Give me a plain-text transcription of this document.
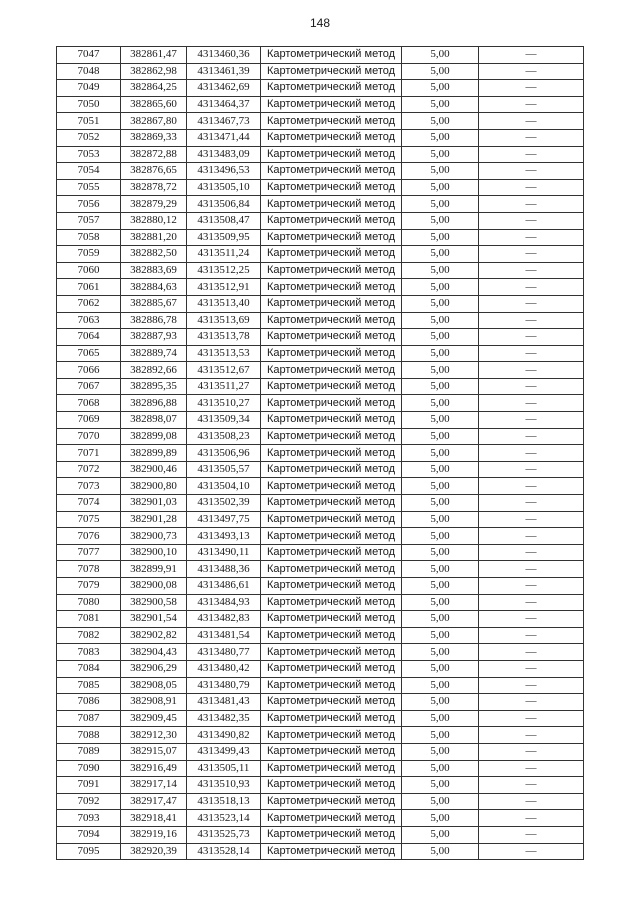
148
7047	382861,47	4313460,36	Картометрический метод	5,00	—
7048	382862,98	4313461,39	Картометрический метод	5,00	—
7049	382864,25	4313462,69	Картометрический метод	5,00	—
7050	382865,60	4313464,37	Картометрический метод	5,00	—
7051	382867,80	4313467,73	Картометрический метод	5,00	—
7052	382869,33	4313471,44	Картометрический метод	5,00	—
7053	382872,88	4313483,09	Картометрический метод	5,00	—
7054	382876,65	4313496,53	Картометрический метод	5,00	—
7055	382878,72	4313505,10	Картометрический метод	5,00	—
7056	382879,29	4313506,84	Картометрический метод	5,00	—
7057	382880,12	4313508,47	Картометрический метод	5,00	—
7058	382881,20	4313509,95	Картометрический метод	5,00	—
7059	382882,50	4313511,24	Картометрический метод	5,00	—
7060	382883,69	4313512,25	Картометрический метод	5,00	—
7061	382884,63	4313512,91	Картометрический метод	5,00	—
7062	382885,67	4313513,40	Картометрический метод	5,00	—
7063	382886,78	4313513,69	Картометрический метод	5,00	—
7064	382887,93	4313513,78	Картометрический метод	5,00	—
7065	382889,74	4313513,53	Картометрический метод	5,00	—
7066	382892,66	4313512,67	Картометрический метод	5,00	—
7067	382895,35	4313511,27	Картометрический метод	5,00	—
7068	382896,88	4313510,27	Картометрический метод	5,00	—
7069	382898,07	4313509,34	Картометрический метод	5,00	—
7070	382899,08	4313508,23	Картометрический метод	5,00	—
7071	382899,89	4313506,96	Картометрический метод	5,00	—
7072	382900,46	4313505,57	Картометрический метод	5,00	—
7073	382900,80	4313504,10	Картометрический метод	5,00	—
7074	382901,03	4313502,39	Картометрический метод	5,00	—
7075	382901,28	4313497,75	Картометрический метод	5,00	—
7076	382900,73	4313493,13	Картометрический метод	5,00	—
7077	382900,10	4313490,11	Картометрический метод	5,00	—
7078	382899,91	4313488,36	Картометрический метод	5,00	—
7079	382900,08	4313486,61	Картометрический метод	5,00	—
7080	382900,58	4313484,93	Картометрический метод	5,00	—
7081	382901,54	4313482,83	Картометрический метод	5,00	—
7082	382902,82	4313481,54	Картометрический метод	5,00	—
7083	382904,43	4313480,77	Картометрический метод	5,00	—
7084	382906,29	4313480,42	Картометрический метод	5,00	—
7085	382908,05	4313480,79	Картометрический метод	5,00	—
7086	382908,91	4313481,43	Картометрический метод	5,00	—
7087	382909,45	4313482,35	Картометрический метод	5,00	—
7088	382912,30	4313490,82	Картометрический метод	5,00	—
7089	382915,07	4313499,43	Картометрический метод	5,00	—
7090	382916,49	4313505,11	Картометрический метод	5,00	—
7091	382917,14	4313510,93	Картометрический метод	5,00	—
7092	382917,47	4313518,13	Картометрический метод	5,00	—
7093	382918,41	4313523,14	Картометрический метод	5,00	—
7094	382919,16	4313525,73	Картометрический метод	5,00	—
7095	382920,39	4313528,14	Картометрический метод	5,00	—
